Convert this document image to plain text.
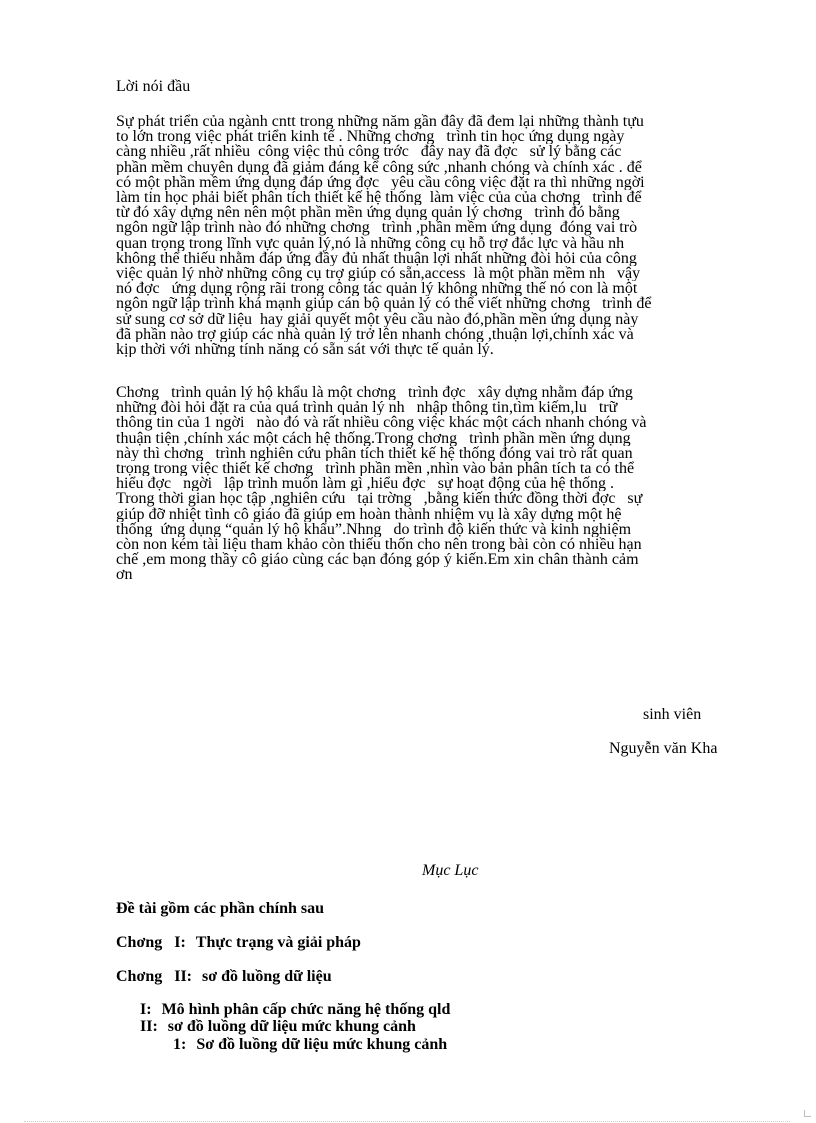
Lời nói đầu
Sự phát triển của ngành cntt trong những năm gần đây đã đem lại những thành tựu
to lớn trong việc phát triển kinh tế . Những chơng   trình tin học ứng dụng ngày
càng nhiều ,rất nhiều  công việc thủ công trớc   đây nay đã đợc   sử lý bằng các
phần mềm chuyên dụng đã giảm đáng kể công sức ,nhanh chóng và chính xác . để
có một phần mềm ứng dụng đáp ứng đợc   yêu cầu công việc đặt ra thì những ngời
làm tin học phải biết phân tích thiết kế hệ thống  làm việc của của chơng   trình để
từ đó xây dựng nên nên một phần mền ứng dụng quản lý chơng   trình đó bằng
ngôn ngữ lập trình nào đó những chơng   trình ,phần mềm ứng dụng  đóng vai trò
quan trọng trong lĩnh vực quản lý,nó là những công cụ hỗ trợ đắc lực và hầu nh
không thể thiếu nhằm đáp ứng đầy đủ nhất thuận lợi nhất những đòi hỏi của công
việc quản lý nhờ những công cụ trợ giúp có sẵn,access  là một phần mềm nh   vậy
nó đợc   ứng dụng rộng rãi trong công tác quản lý không những thế nó con là một
ngôn ngữ lập trình khá mạnh giúp cán bộ quản lý có thể viết những chơng   trình để
sử sung cơ sở dữ liệu  hay giải quyết một yêu cầu nào đó,phần mền ứng dụng này
đã phần nào trợ giúp các nhà quản lý trở lên nhanh chóng ,thuận lợi,chính xác và
kịp thời với những tính năng có sẵn sát với thực tế quản lý.
Chơng   trình quản lý hộ khẩu là một chơng   trình đợc   xây dựng nhằm đáp ứng
những đòi hỏi đặt ra của quá trình quản lý nh   nhập thông tin,tìm kiếm,lu   trữ
thông tin của 1 ngời   nào đó và rất nhiều công việc khác một cách nhanh chóng và
thuận tiện ,chính xác một cách hệ thống.Trong chơng   trình phần mền ứng dụng
này thì chơng   trình nghiên cứu phân tích thiết kế hệ thống đóng vai trò rất quan
trọng trong việc thiết kế chơng   trình phần mền ,nhìn vào bản phân tích ta có thể
hiểu đợc   ngời   lập trình muốn làm gì ,hiểu đợc   sự hoạt động của hệ thống .
Trong thời gian học tập ,nghiên cứu   tại trờng   ,bằng kiến thức đồng thời đợc   sự
giúp đỡ nhiệt tình cô giáo đã giúp em hoàn thành nhiệm vụ là xây dựng một hệ
thống  ứng dụng “quản lý hộ khẩu”.Nhng   do trình độ kiến thức và kinh nghiệm
còn non kém tài liệu tham khảo còn thiếu thốn cho nên trong bài còn có nhiều hạn
chế ,em mong thầy cô giáo cùng các bạn đóng góp ý kiến.Em xin chân thành cảm
ơn
sinh viên
Nguyễn văn Kha
Mục Lục
Đề tài gồm các phần chính sau
Chơng   I: Thực trạng và giải pháp
Chơng   II: sơ đồ luồng dữ liệu
I: Mô hình phân cấp chức năng hệ thống qld
II: sơ đồ luồng dữ liệu mức khung cảnh
1: Sơ đồ luồng dữ liệu mức khung cảnh
